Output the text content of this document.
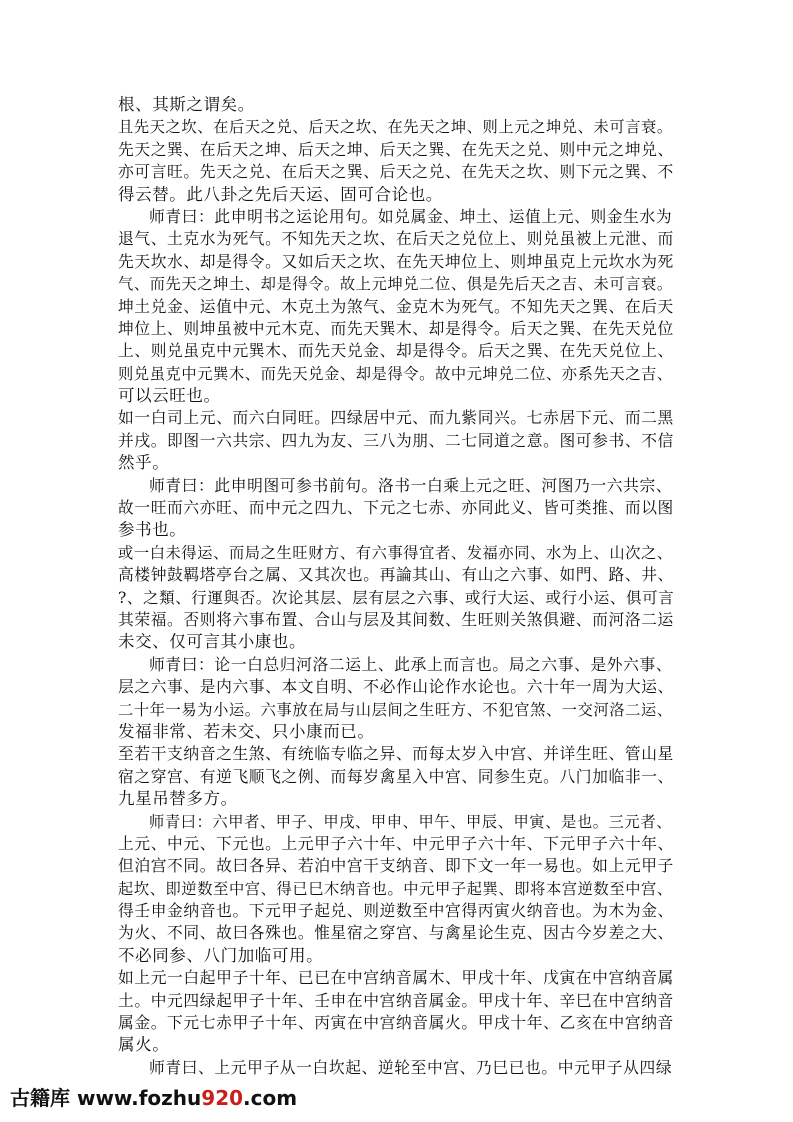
根、其斯之谓矣。
且先天之坎、在后天之兑、后天之坎、在先天之坤、则上元之坤兑、未可言衰。
先天之巽、在后天之坤、后天之坤、后天之巽、在先天之兑、则中元之坤兑、
亦可言旺。先天之兑、在后天之巽、后天之兑、在先天之坎、则下元之巽、不
得云替。此八卦之先后天运、固可合论也。
师青曰：此申明书之运论用句。如兑属金、坤土、运值上元、则金生水为
退气、土克水为死气。不知先天之坎、在后天之兑位上、则兑虽被上元泄、而
先天坎水、却是得令。又如后天之坎、在先天坤位上、则坤虽克上元坎水为死
气、而先天之坤土、却是得令。故上元坤兑二位、俱是先后天之吉、未可言衰。
坤土兑金、运值中元、木克土为煞气、金克木为死气。不知先天之巽、在后天
坤位上、则坤虽被中元木克、而先天巽木、却是得令。后天之巽、在先天兑位
上、则兑虽克中元巽木、而先天兑金、却是得令。后天之巽、在先天兑位上、
则兑虽克中元巽木、而先天兑金、却是得令。故中元坤兑二位、亦系先天之吉、
可以云旺也。
如一白司上元、而六白同旺。四绿居中元、而九紫同兴。七赤居下元、而二黑
并戌。即图一六共宗、四九为友、三八为朋、二七同道之意。图可参书、不信
然乎。
师青曰：此申明图可参书前句。洛书一白乘上元之旺、河图乃一六共宗、
故一旺而六亦旺、而中元之四九、下元之七赤、亦同此义、皆可类推、而以图
参书也。
或一白未得运、而局之生旺财方、有六事得宜者、发福亦同、水为上、山次之、
高楼钟鼓羁塔亭台之属、又其次也。再論其山、有山之六事、如門、路、井、
?、之類、行運與否。次论其层、层有层之六事、或行大运、或行小运、俱可言
其荣福。否则将六事布置、合山与层及其间数、生旺则关煞俱避、而河洛二运
未交、仅可言其小康也。
师青曰：论一白总归河洛二运上、此承上而言也。局之六事、是外六事、
层之六事、是内六事、本文自明、不必作山论作水论也。六十年一周为大运、
二十年一易为小运。六事放在局与山层间之生旺方、不犯官煞、一交河洛二运、
发福非常、若未交、只小康而已。
至若干支纳音之生煞、有统临专临之异、而每太岁入中宫、并详生旺、管山星
宿之穿宫、有逆飞顺飞之例、而每岁禽星入中宫、同参生克。八门加临非一、
九星吊替多方。
师青曰：六甲者、甲子、甲戌、甲申、甲午、甲辰、甲寅、是也。三元者、
上元、中元、下元也。上元甲子六十年、中元甲子六十年、下元甲子六十年、
但泊宫不同。故曰各异、若泊中宫干支纳音、即下文一年一易也。如上元甲子
起坎、即逆数至中宫、得已巳木纳音也。中元甲子起巽、即将本宫逆数至中宫、
得壬申金纳音也。下元甲子起兑、则逆数至中宫得丙寅火纳音也。为木为金、
为火、不同、故曰各殊也。惟星宿之穿宫、与禽星论生克、因古今岁差之大、
不必同参、八门加临可用。
如上元一白起甲子十年、已已在中宫纳音属木、甲戌十年、戊寅在中宫纳音属
土。中元四绿起甲子十年、壬申在中宫纳音属金。甲戌十年、辛巳在中宫纳音
属金。下元七赤甲子十年、丙寅在中宫纳音属火。甲戌十年、乙亥在中宫纳音
属火。
师青曰、上元甲子从一白坎起、逆轮至中宫、乃巳已也。中元甲子从四绿
古籍库 www.fozhu920.com
